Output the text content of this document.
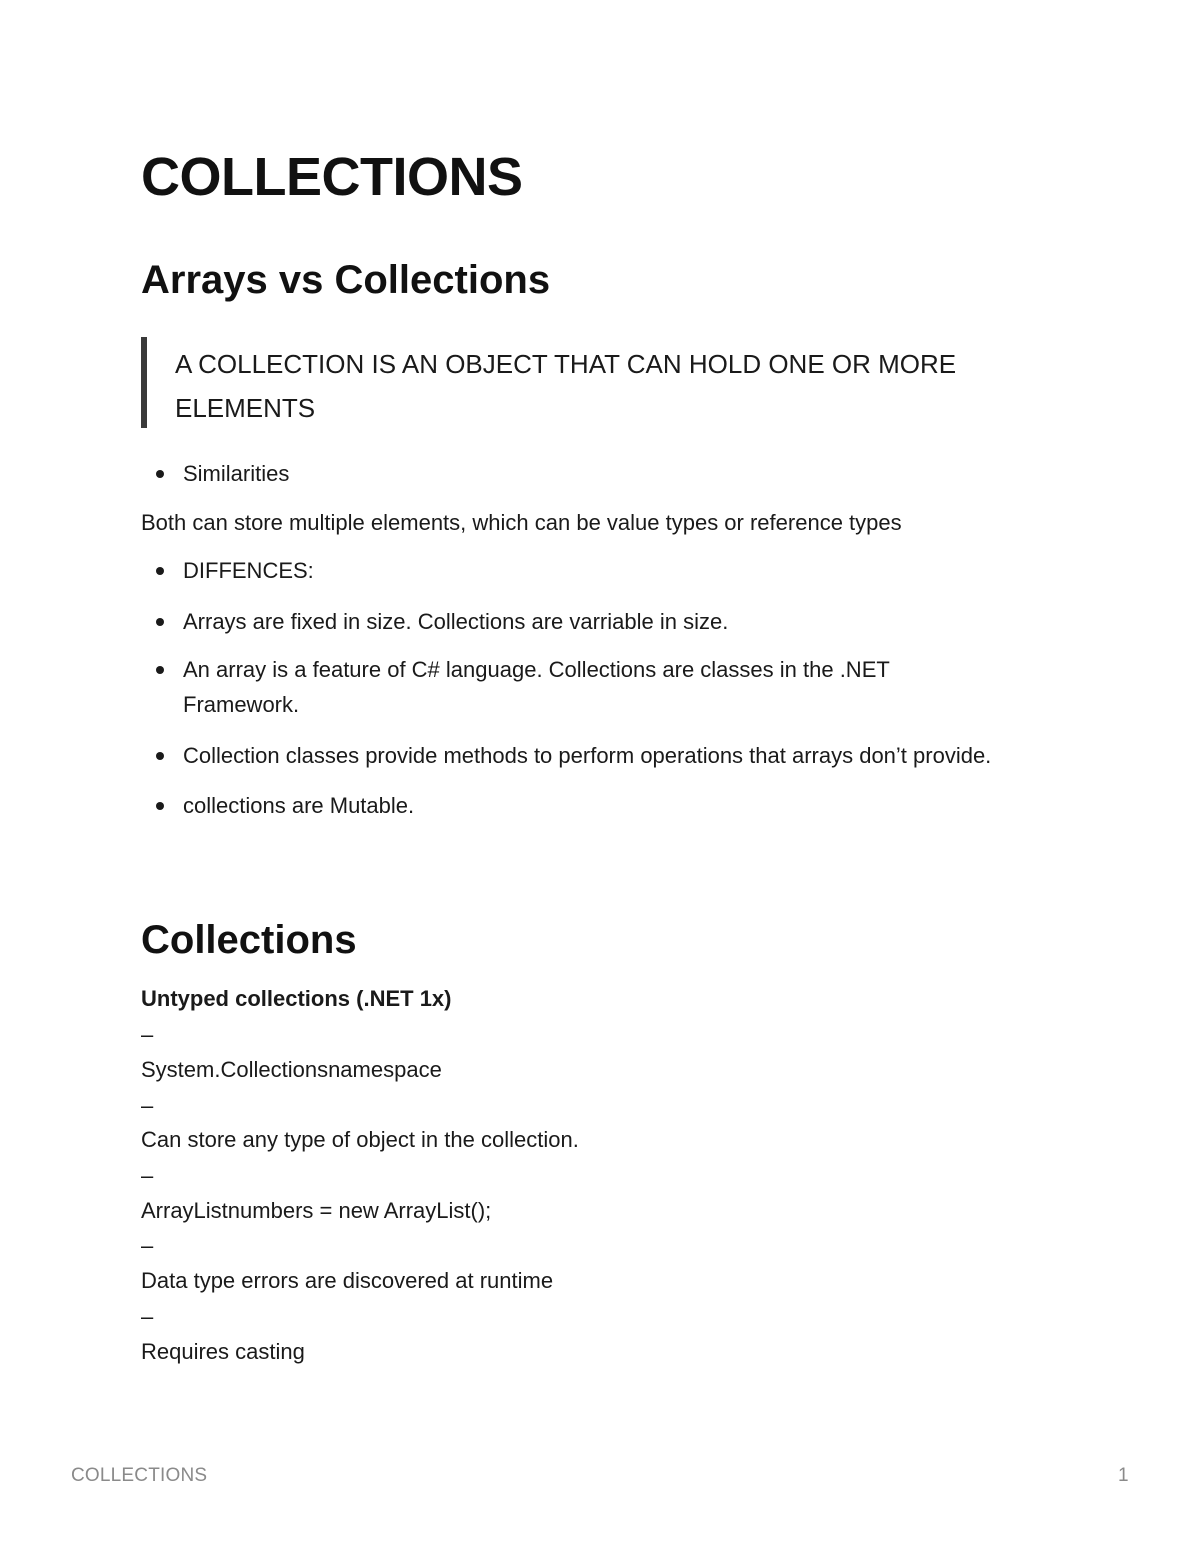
COLLECTIONS
Arrays vs Collections
A COLLECTION IS AN OBJECT THAT CAN HOLD ONE OR MORE ELEMENTS
Similarities

Both can store multiple elements, which can be value types or reference types

DIFFENCES:
Arrays are fixed in size. Collections are varriable in size.
An array is a feature of C# language. Collections are classes in the .NET Framework.
Collection classes provide methods to perform operations that arrays don’t provide.
collections are Mutable.
Collections

Untyped collections (.NET 1x)

–

System.Collectionsnamespace

–

Can store any type of object in the collection.

–

ArrayListnumbers = new ArrayList();

–

Data type errors are discovered at runtime

–

Requires casting

COLLECTIONS	1
